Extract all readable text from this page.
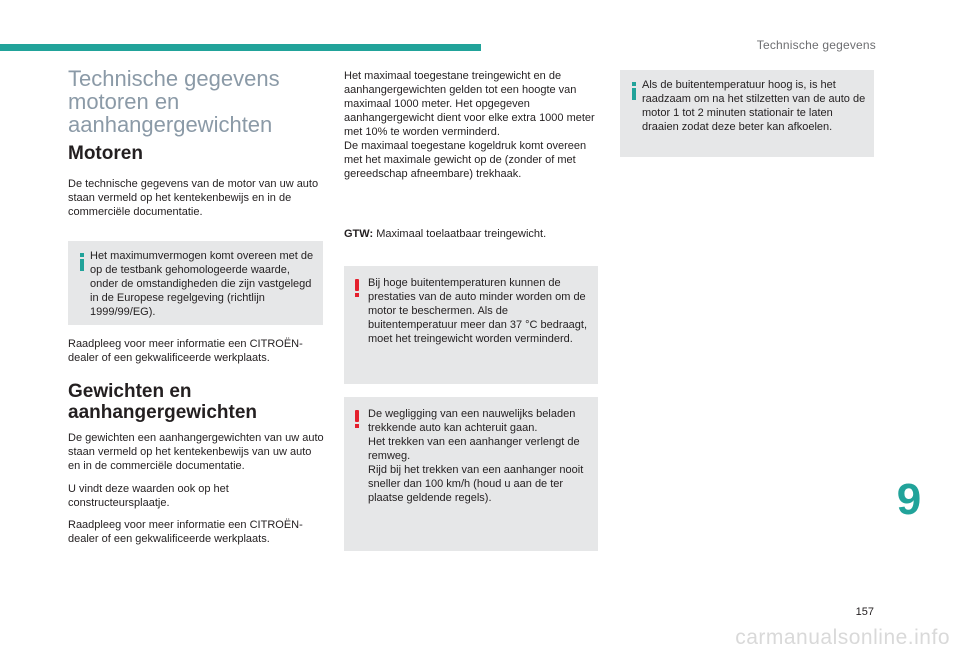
Technische gegevens
Technische gegevens motoren en aanhangergewichten
Motoren

De technische gegevens van de motor van uw auto staan vermeld op het kentekenbewijs en in de commerciële documentatie.

Het maximumvermogen komt overeen met de op de testbank gehomologeerde waarde, onder de omstandigheden die zijn vastgelegd in de Europese regelgeving (richtlijn 1999/99/EG).

Raadpleeg voor meer informatie een CITROËN-dealer of een gekwalificeerde werkplaats.

Gewichten en aanhangergewichten

De gewichten een aanhangergewichten van uw auto staan vermeld op het kentekenbewijs van uw auto en in de commerciële documentatie.

U vindt deze waarden ook op het constructeursplaatje.

Raadpleeg voor meer informatie een CITROËN-dealer of een gekwalificeerde werkplaats.

Het maximaal toegestane treingewicht en de aanhangergewichten gelden tot een hoogte van maximaal 1000 meter. Het opgegeven aanhangergewicht dient voor elke extra 1000 meter met 10% te worden verminderd.

De maximaal toegestane kogeldruk komt overeen met het maximale gewicht op de (zonder of met gereedschap afneembare) trekhaak.

GTW: Maximaal toelaatbaar treingewicht.

Bij hoge buitentemperaturen kunnen de prestaties van de auto minder worden om de motor te beschermen. Als de buitentemperatuur meer dan 37 °C bedraagt, moet het treingewicht worden verminderd.

De wegligging van een nauwelijks beladen trekkende auto kan achteruit gaan.
Het trekken van een aanhanger verlengt de remweg.
Rijd bij het trekken van een aanhanger nooit sneller dan 100 km/h (houd u aan de ter plaatse geldende regels).

Als de buitentemperatuur hoog is, is het raadzaam om na het stilzetten van de auto de motor 1 tot 2 minuten stationair te laten draaien zodat deze beter kan afkoelen.

9
157
carmanualsonline.info
